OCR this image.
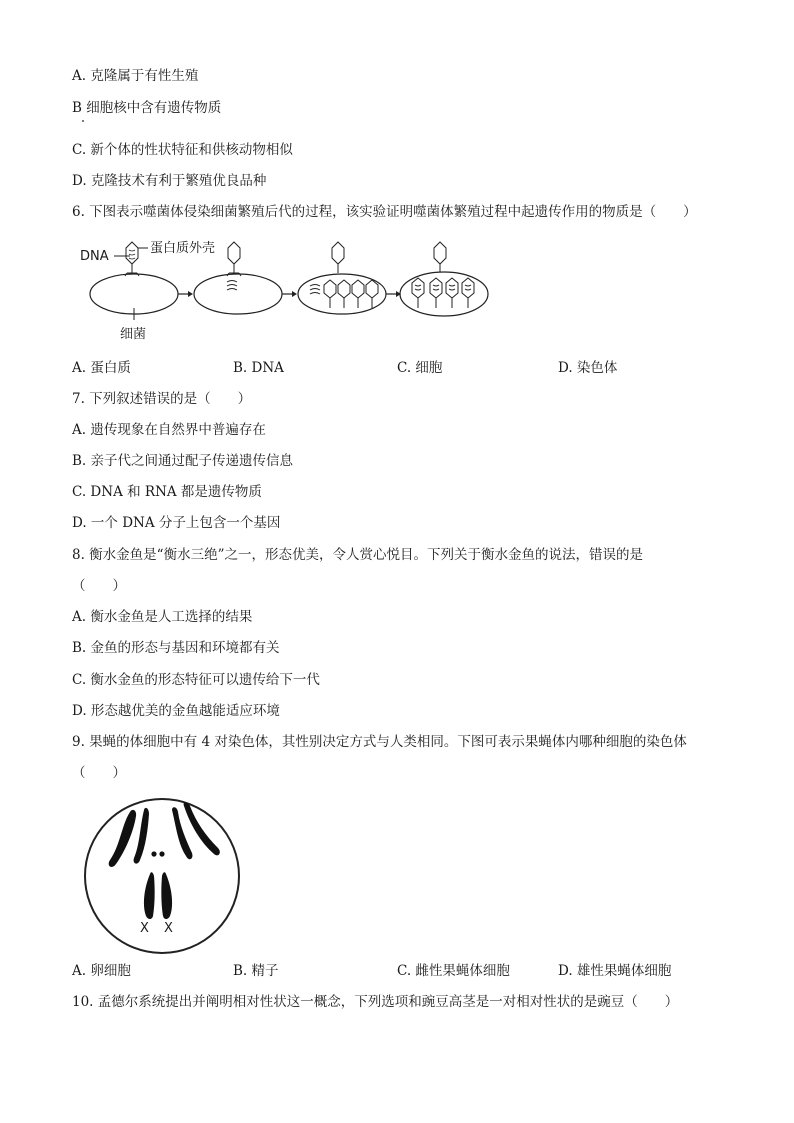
A. 克隆属于有性生殖
B 细胞核中含有遗传物质
C. 新个体的性状特征和供核动物相似
D. 克隆技术有利于繁殖优良品种
6. 下图表示噬菌体侵染细菌繁殖后代的过程，该实验证明噬菌体繁殖过程中起遗传作用的物质是（　　）
DNA
蛋白质外壳
细菌
A. 蛋白质	B. DNA	C. 细胞	D. 染色体
7. 下列叙述错误的是（　　）
A. 遗传现象在自然界中普遍存在
B. 亲子代之间通过配子传递遗传信息
C. DNA 和 RNA 都是遗传物质
D. 一个 DNA 分子上包含一个基因
8. 衡水金鱼是“衡水三绝”之一，形态优美，令人赏心悦目。下列关于衡水金鱼的说法，错误的是
（　　）
A. 衡水金鱼是人工选择的结果
B. 金鱼的形态与基因和环境都有关
C. 衡水金鱼的形态特征可以遗传给下一代
D. 形态越优美的金鱼越能适应环境
9. 果蝇的体细胞中有 4 对染色体，其性别决定方式与人类相同。下图可表示果蝇体内哪种细胞的染色体
（　　）
X X
A. 卵细胞	B. 精子	C. 雌性果蝇体细胞	D. 雄性果蝇体细胞
10. 孟德尔系统提出并阐明相对性状这一概念，下列选项和豌豆高茎是一对相对性状的是豌豆（　　）
